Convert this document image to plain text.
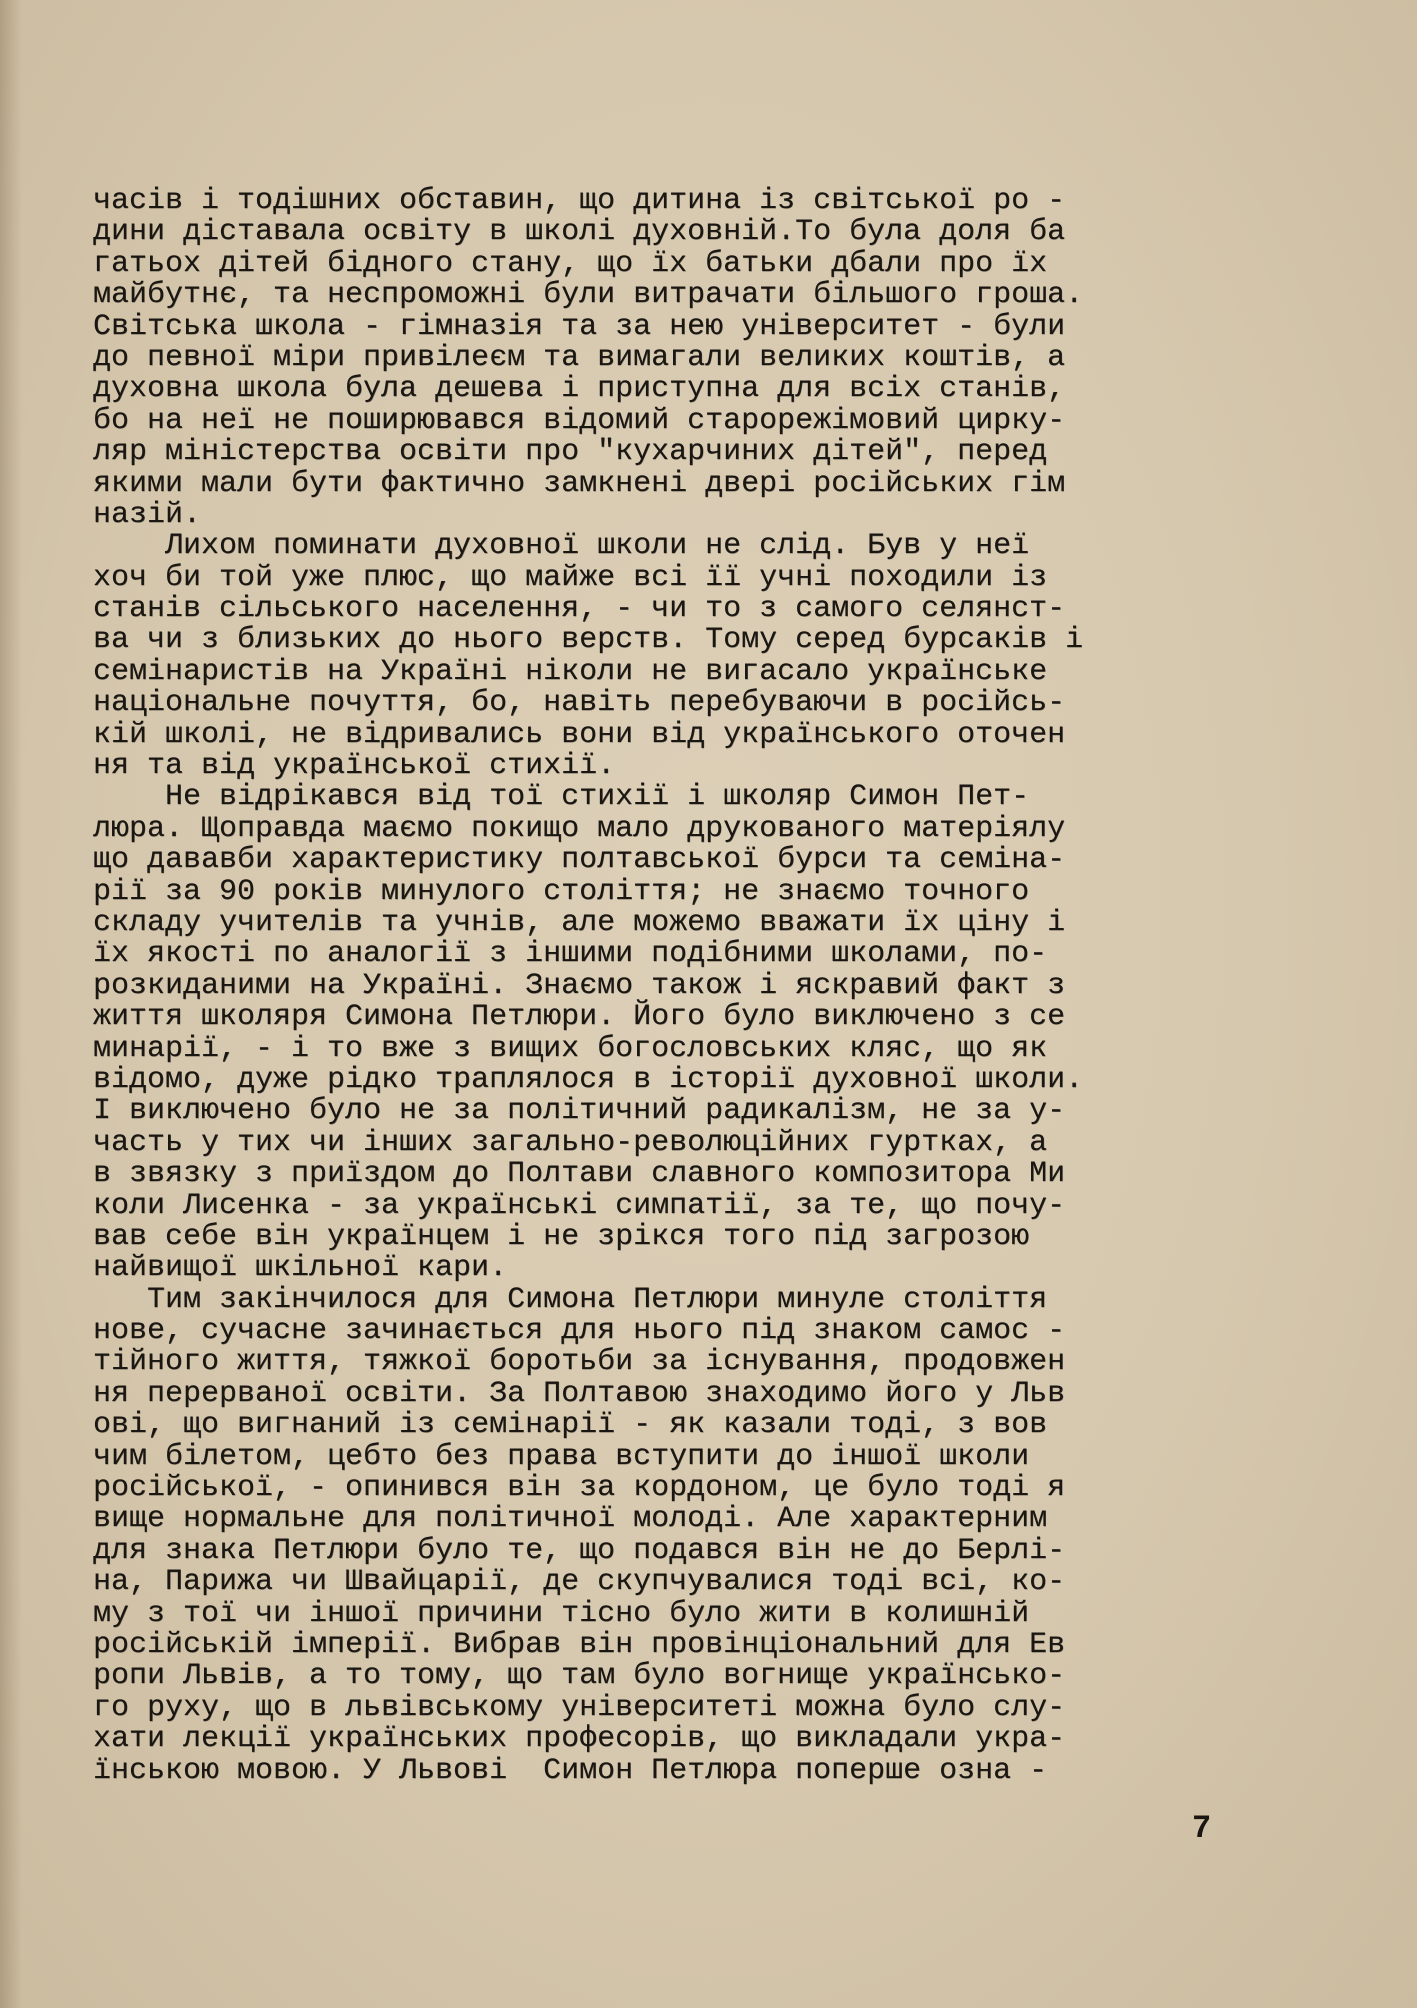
часів і тодішних обставин, що дитина із світської ро -
дини діставала освіту в школі духовній.То була доля ба
гатьох дітей бідного стану, що їх батьки дбали про їх
майбутнє, та неспроможні були витрачати більшого гроша.
Світська школа - гімназія та за нею університет - були
до певної міри привілеєм та вимагали великих коштів, а
духовна школа була дешева і приступна для всіх станів,
бо на неї не поширювався відомий старорежімовий циркy-
ляр міністерства освіти про "кухарчиних дітей", перед
якими мали бути фактично замкнені двері російських гім
назій.
Лихом поминати духовної школи не слід. Був у неї
хоч би той уже плюс, що майже всі її учні походили із
станів сільського населення, - чи то з самого селянст-
ва чи з близьких до нього верств. Тому серед бурсаків і
семінаристів на Україні ніколи не вигасало українське
національне почуття, бо, навіть перебуваючи в російсь-
кій школі, не відривались вони від українського оточен
ня та від української стихії.
Не відрікався від тої стихії і школяр Симон Пет-
люра. Щоправда маємо покищо мало друкованого матеріялу
що дававби характеристику полтавської бурси та семіна-
рії за 90 років минулого століття; не знаємо точного
складу учителів та учнів, але можемо вважати їх ціну і
їх якості по аналогії з іншими подібними школами, по-
розкиданими на Україні. Знаємо також і яскравий факт з
життя школяря Симона Петлюри. Його було виключено з се
минарії, - і то вже з вищих богословських кляс, що як
відомо, дуже рідко траплялося в історії духовної школи.
І виключено було не за політичний радикалізм, не за у-
часть у тих чи інших загально-революційних гуртках, а
в звязку з приїздом до Полтави славного композитора Ми
коли Лисенка - за українські симпатії, за те, що почу-
вав себе він українцем і не зрікся того під загрозою
найвищої шкільної кари.
Тим закінчилося для Симона Петлюри минуле століття
нове, сучасне зачинається для нього під знаком самос -
тійного життя, тяжкої боротьби за існування, продовжен
ня перерваної освіти. За Полтавою знаходимо його у Льв
ові, що вигнаний із семінарії - як казали тоді, з вов
чим білетом, цебто без права вступити до іншої школи
російської, - опинився він за кордоном, це було тоді я
вище нормальне для політичної молоді. Але характерним
для знака Петлюри було те, що подався він не до Берлі-
на, Парижа чи Швайцарії, де скупчувалися тоді всі, ко-
му з тої чи іншої причини тісно було жити в колишній
російській імперії. Вибрав він провінціональний для Ев
ропи Львів, а то тому, що там було вогнище українсько-
го руху, що в львівському університеті можна було слу-
хати лекції українських професорів, що викладали укра-
їнською мовою. У Львові  Симон Петлюра поперше озна -
7
